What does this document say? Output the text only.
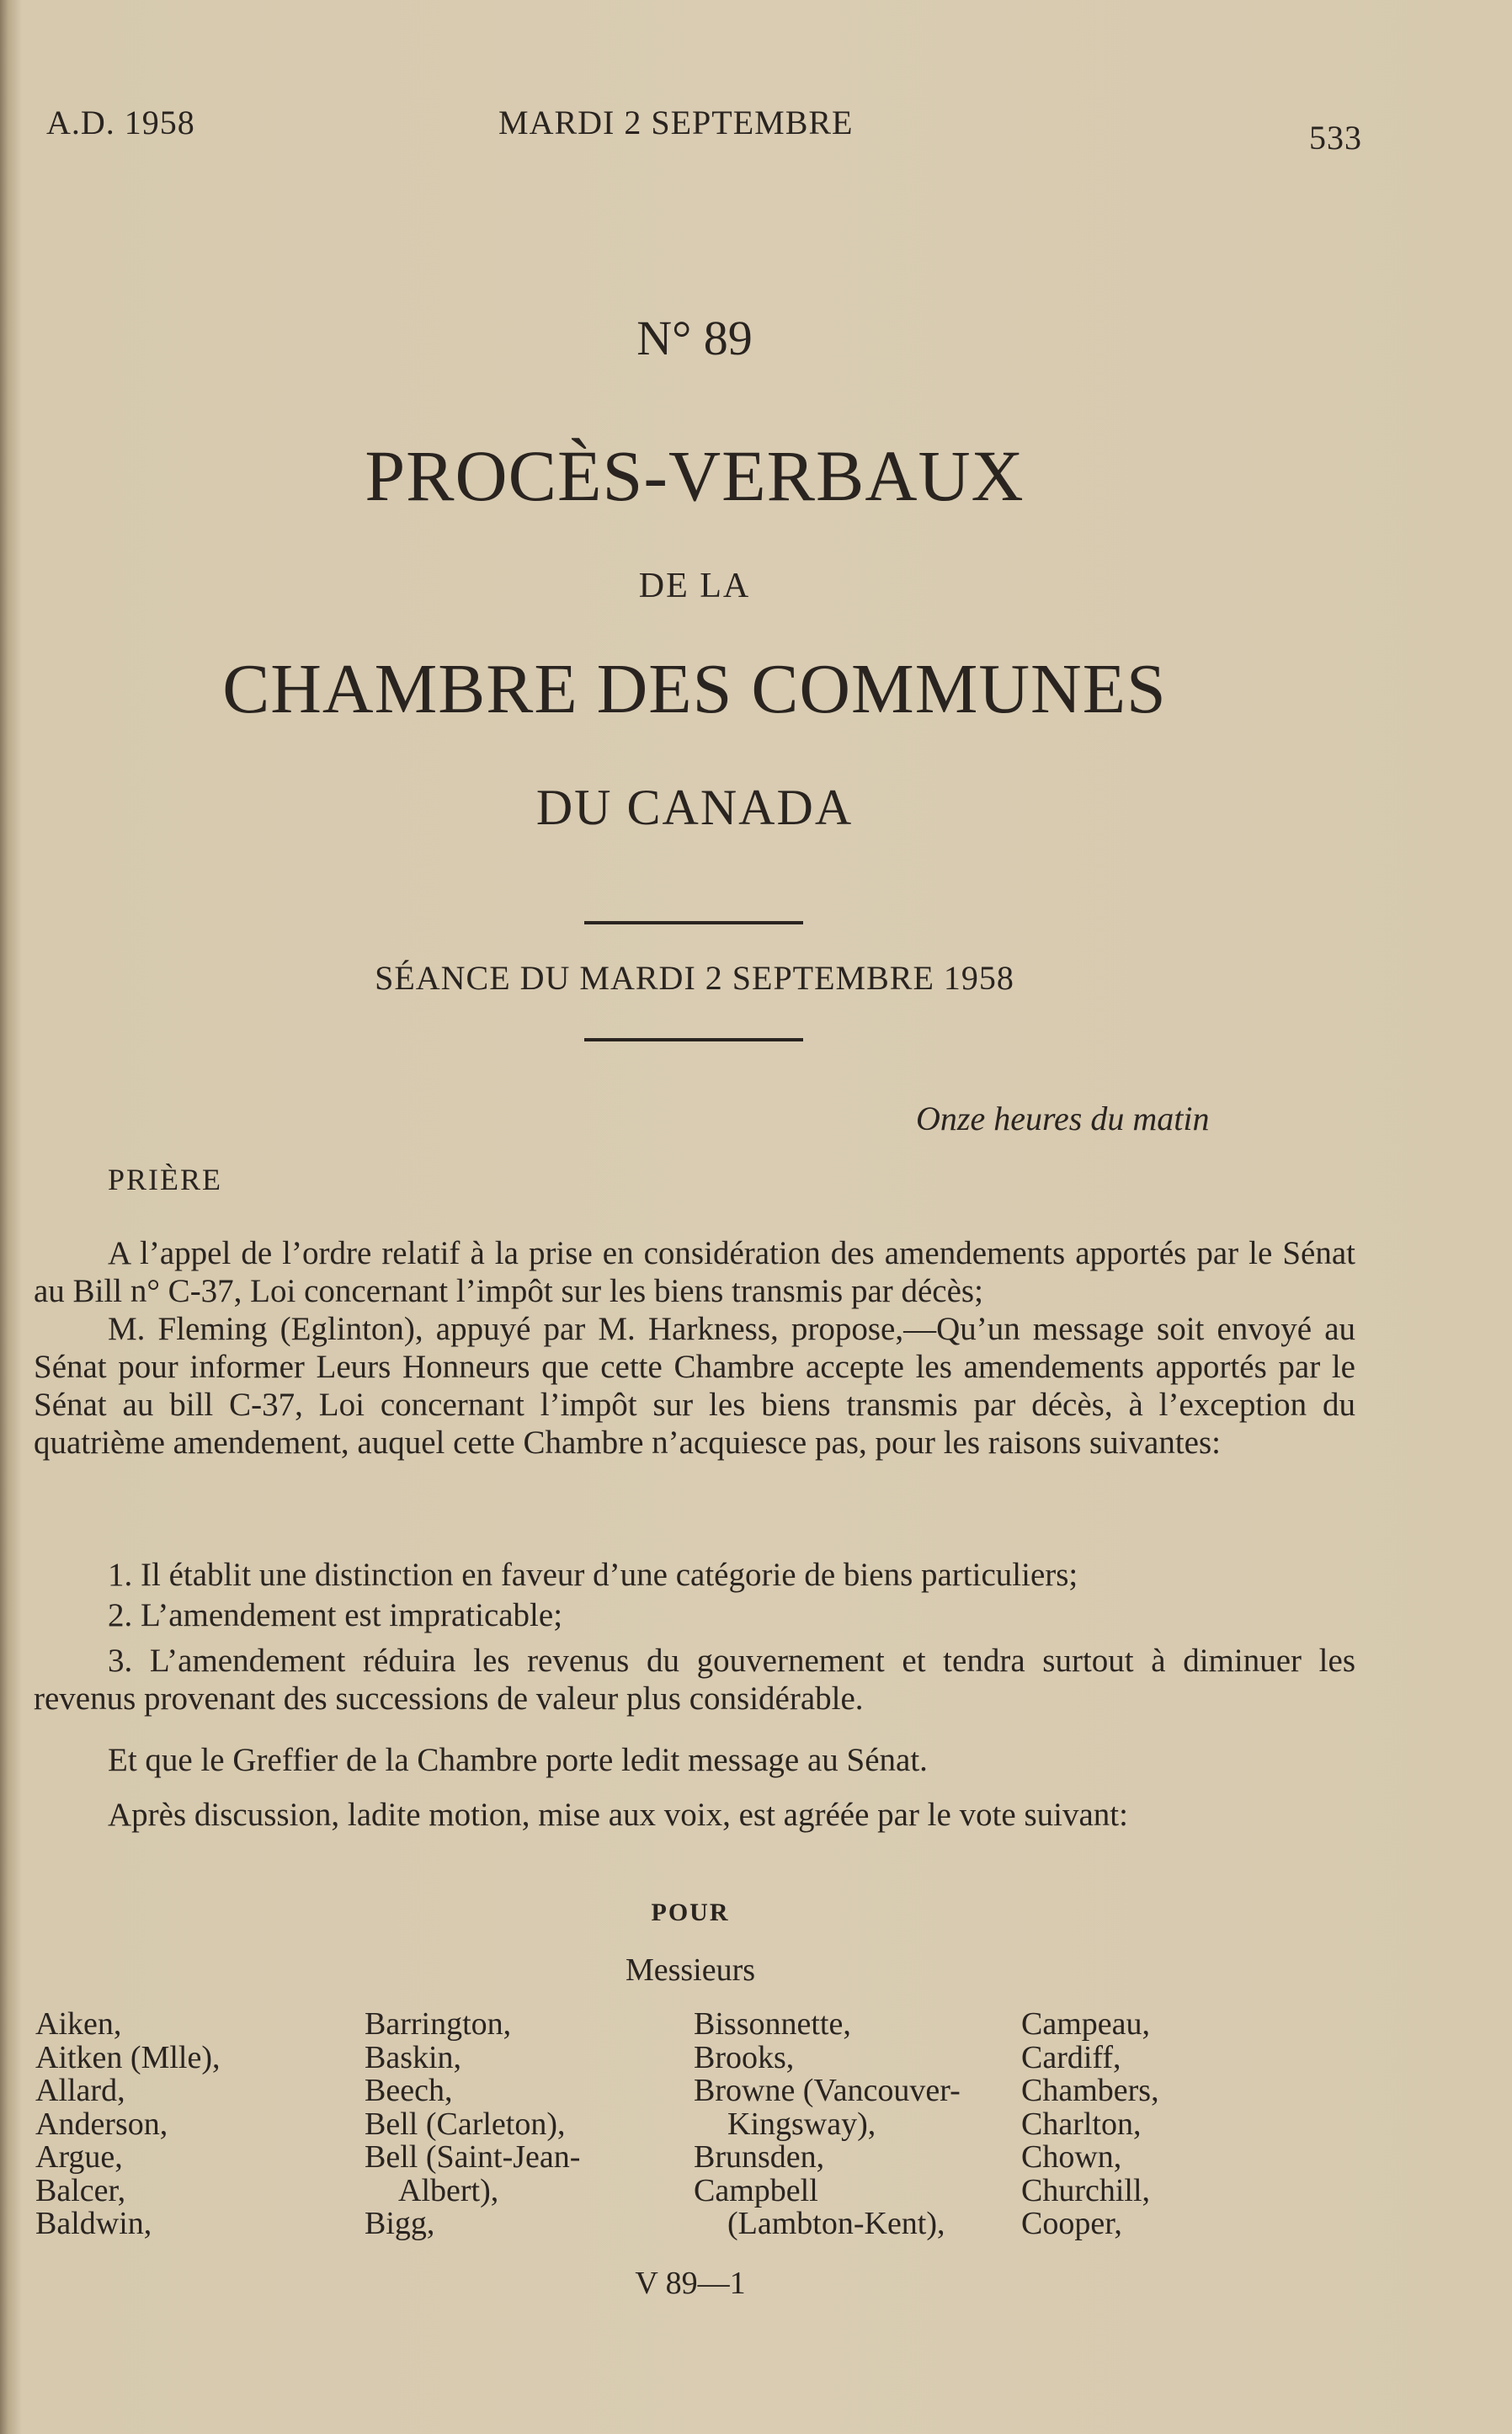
A.D. 1958	MARDI 2 SEPTEMBRE	533
N° 89
PROCÈS-VERBAUX
DE LA
CHAMBRE DES COMMUNES
DU CANADA
SÉANCE DU MARDI 2 SEPTEMBRE 1958
Onze heures du matin
PRIÈRE

A l’appel de l’ordre relatif à la prise en considération des amendements apportés par le Sénat au Bill n° C-37, Loi concernant l’impôt sur les biens transmis par décès;

M. Fleming (Eglinton), appuyé par M. Harkness, propose,—Qu’un message soit envoyé au Sénat pour informer Leurs Honneurs que cette Chambre accepte les amendements apportés par le Sénat au bill C-37, Loi concernant l’impôt sur les biens transmis par décès, à l’exception du quatrième amendement, auquel cette Chambre n’acquiesce pas, pour les raisons suivantes:

1. Il établit une distinction en faveur d’une catégorie de biens particuliers;
2. L’amendement est impraticable;

3. L’amendement réduira les revenus du gouvernement et tendra surtout à diminuer les revenus provenant des successions de valeur plus considérable.

Et que le Greffier de la Chambre porte ledit message au Sénat.

Après discussion, ladite motion, mise aux voix, est agréée par le vote suivant:

POUR
Messieurs
Aiken,
Aitken (Mlle),
Allard,
Anderson,
Argue,
Balcer,
Baldwin,
Barrington,
Baskin,
Beech,
Bell (Carleton),
Bell (Saint-Jean-
Albert),
Bigg,
Bissonnette,
Brooks,
Browne (Vancouver-
Kingsway),
Brunsden,
Campbell
(Lambton-Kent),
Campeau,
Cardiff,
Chambers,
Charlton,
Chown,
Churchill,
Cooper,
V 89—1
